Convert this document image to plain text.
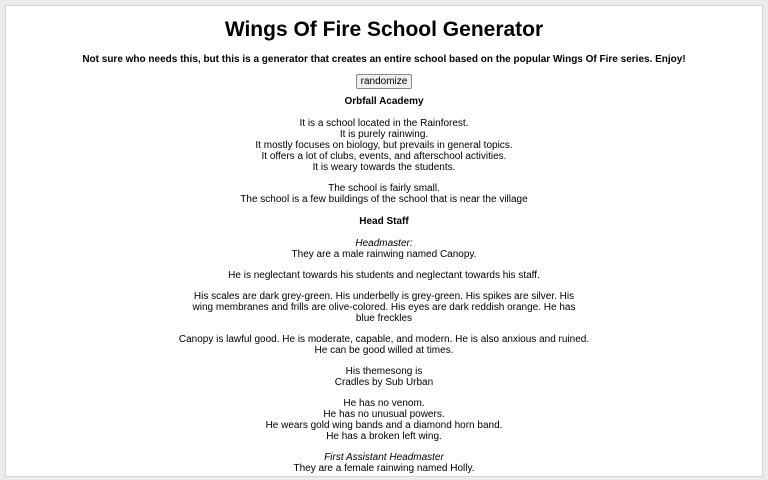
Wings Of Fire School Generator
Not sure who needs this, but this is a generator that creates an entire school based on the popular Wings Of Fire series. Enjoy!
randomize
Orbfall Academy
It is a school located in the Rainforest.
It is purely rainwing.
It mostly focuses on biology, but prevails in general topics.
It offers a lot of clubs, events, and afterschool activities.
It is weary towards the students.
The school is fairly small.
The school is a few buildings of the school that is near the village
Head Staff
Headmaster:
They are a male rainwing named Canopy.
He is neglectant towards his students and neglectant towards his staff.
His scales are dark grey-green. His underbelly is grey-green. His spikes are silver. His wing membranes and frills are olive-colored. His eyes are dark reddish orange. He has blue freckles
Canopy is lawful good. He is moderate, capable, and modern. He is also anxious and ruined.
He can be good willed at times.
His themesong is
Cradles by Sub Urban
He has no venom.
He has no unusual powers.
He wears gold wing bands and a diamond horn band.
He has a broken left wing.
First Assistant Headmaster
They are a female rainwing named Holly.
